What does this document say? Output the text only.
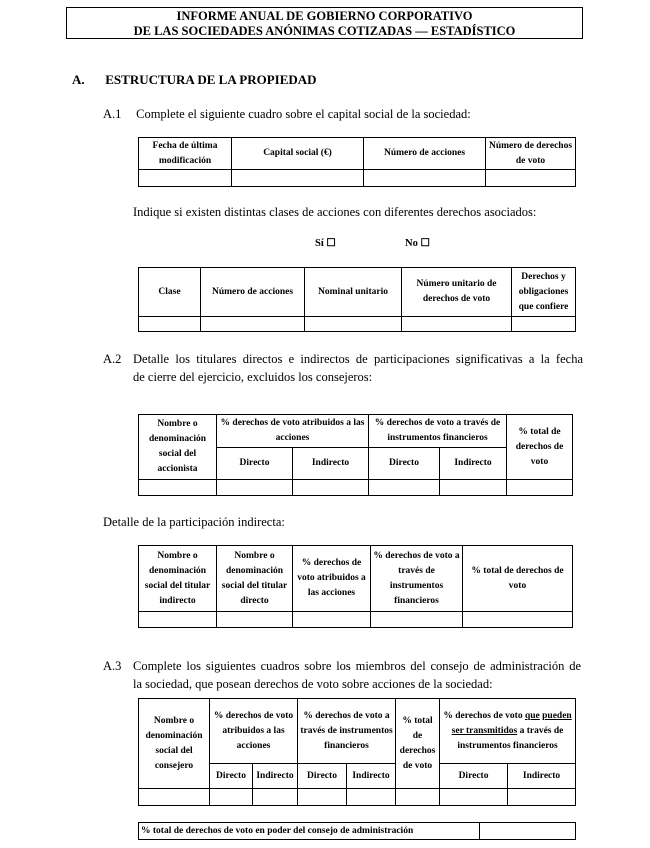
INFORME ANUAL DE GOBIERNO CORPORATIVO
DE LAS SOCIEDADES ANÓNIMAS COTIZADAS — ESTADÍSTICO
A. ESTRUCTURA DE LA PROPIEDAD
A.1 Complete el siguiente cuadro sobre el capital social de la sociedad:
Fecha de última modificación	Capital social (€)	Número de acciones	Número de derechos de voto

Indique si existen distintas clases de acciones con diferentes derechos asociados:
Sí ☐	No ☐
Clase	Número de acciones	Nominal unitario	Número unitario de derechos de voto	Derechos y obligaciones que confiere

A.2 Detalle los titulares directos e indirectos de participaciones significativas a la fecha
de cierre del ejercicio, excluidos los consejeros:
Nombre o denominación social del accionista	% derechos de voto atribuidos a las acciones		% derechos de voto a través de instrumentos financieros		% total de derechos de voto
	Directo	Indirecto	Directo	Indirecto	

Detalle de la participación indirecta:
Nombre o denominación social del titular indirecto	Nombre o denominación social del titular directo	% derechos de voto atribuidos a las acciones	% derechos de voto a través de instrumentos financieros	% total de derechos de voto

A.3 Complete los siguientes cuadros sobre los miembros del consejo de administración de
la sociedad, que posean derechos de voto sobre acciones de la sociedad:
Nombre o denominación social del consejero	% derechos de voto atribuidos a las acciones		% derechos de voto a través de instrumentos financieros		% total de derechos de voto	% derechos de voto que pueden ser transmitidos a través de instrumentos financieros	
	Directo	Indirecto	Directo	Indirecto		Directo	Indirecto

% total de derechos de voto en poder del consejo de administración	
